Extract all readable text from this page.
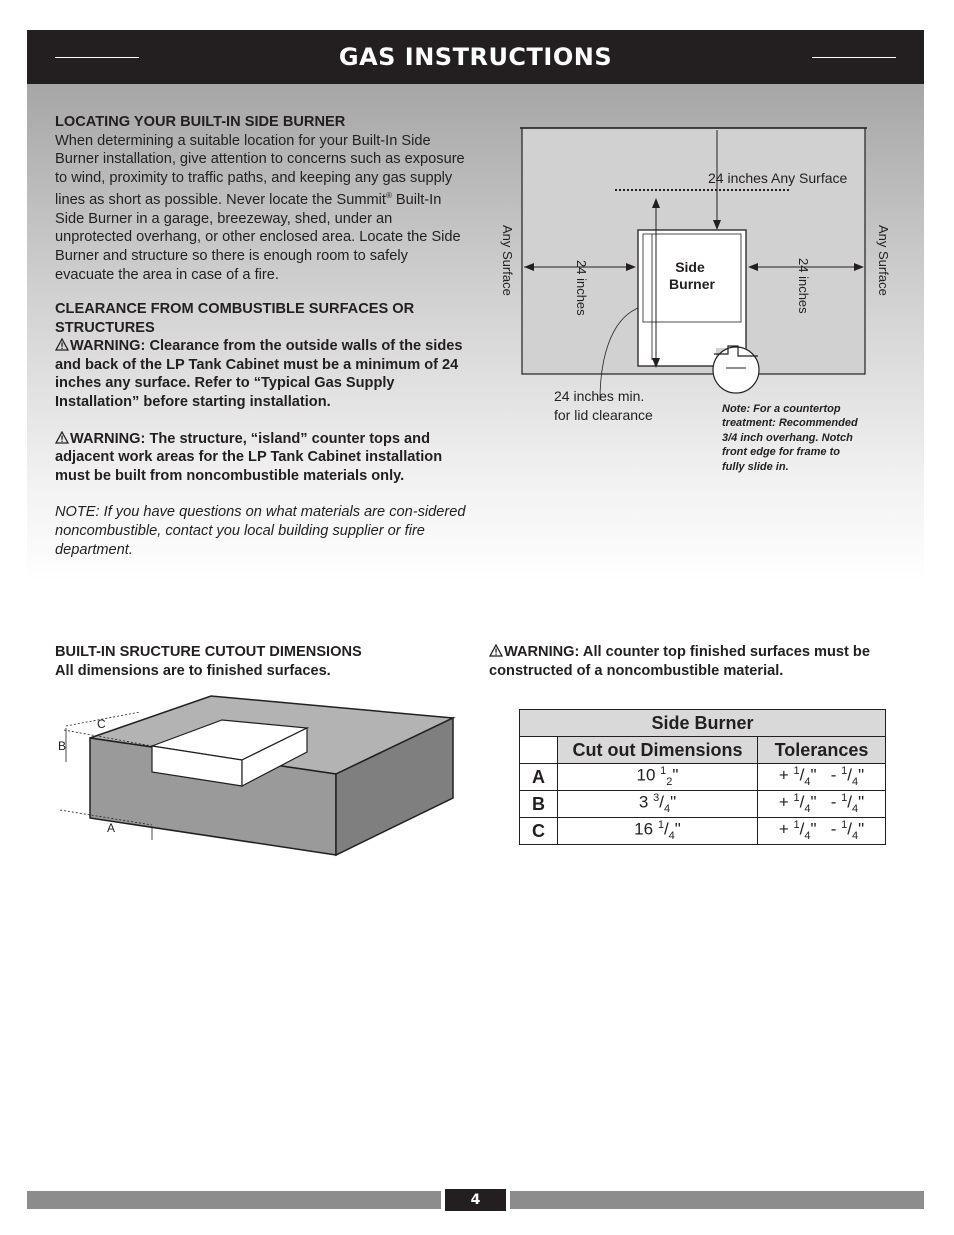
GAS INSTRUCTIONS

LOCATING YOUR BUILT-IN SIDE BURNER

When determining a suitable location for your Built-In Side Burner installation, give attention to concerns such as exposure to wind, proximity to traffic paths, and keeping any gas supply lines as short as possible. Never locate the Summit® Built-In Side Burner in a garage, breezeway, shed, under an unprotected overhang, or other enclosed area. Locate the Side Burner and structure so there is enough room to safely evacuate the area in case of a fire.

CLEARANCE FROM COMBUSTIBLE SURFACES OR STRUCTURES

WARNING: Clearance from the outside walls of the sides and back of the LP Tank Cabinet must be a minimum of 24 inches any surface. Refer to “Typical Gas Supply Installation” before starting installation.

WARNING: The structure, “island” counter tops and adjacent work areas for the LP Tank Cabinet installation must be built from noncombustible materials only.

NOTE: If you have questions on what materials are con-sidered noncombustible, contact you local building supplier or fire department.

24 inches Any Surface
Side
Burner
Any Surface	Any Surface
24 inches	24 inches
24 inches min.
for lid clearance	Note: For a countertop
treatment: Recommended
3/4 inch overhang. Notch
front edge for frame to
fully slide in.

BUILT-IN SRUCTURE CUTOUT DIMENSIONS

All dimensions are to finished surfaces.

C
B
A

WARNING: All counter top finished surfaces must be constructed of a noncombustible material.

Side Burner		
	Cut out Dimensions	Tolerances
A	10 $^1_2$"	+ $^1/_4$"   - $^1/_4$"
B	3 $^3/_4$"	+ $^1/_4$"   - $^1/_4$"
C	16 $^1/_4$"	+ $^1/_4$"   - $^1/_4$"
4
